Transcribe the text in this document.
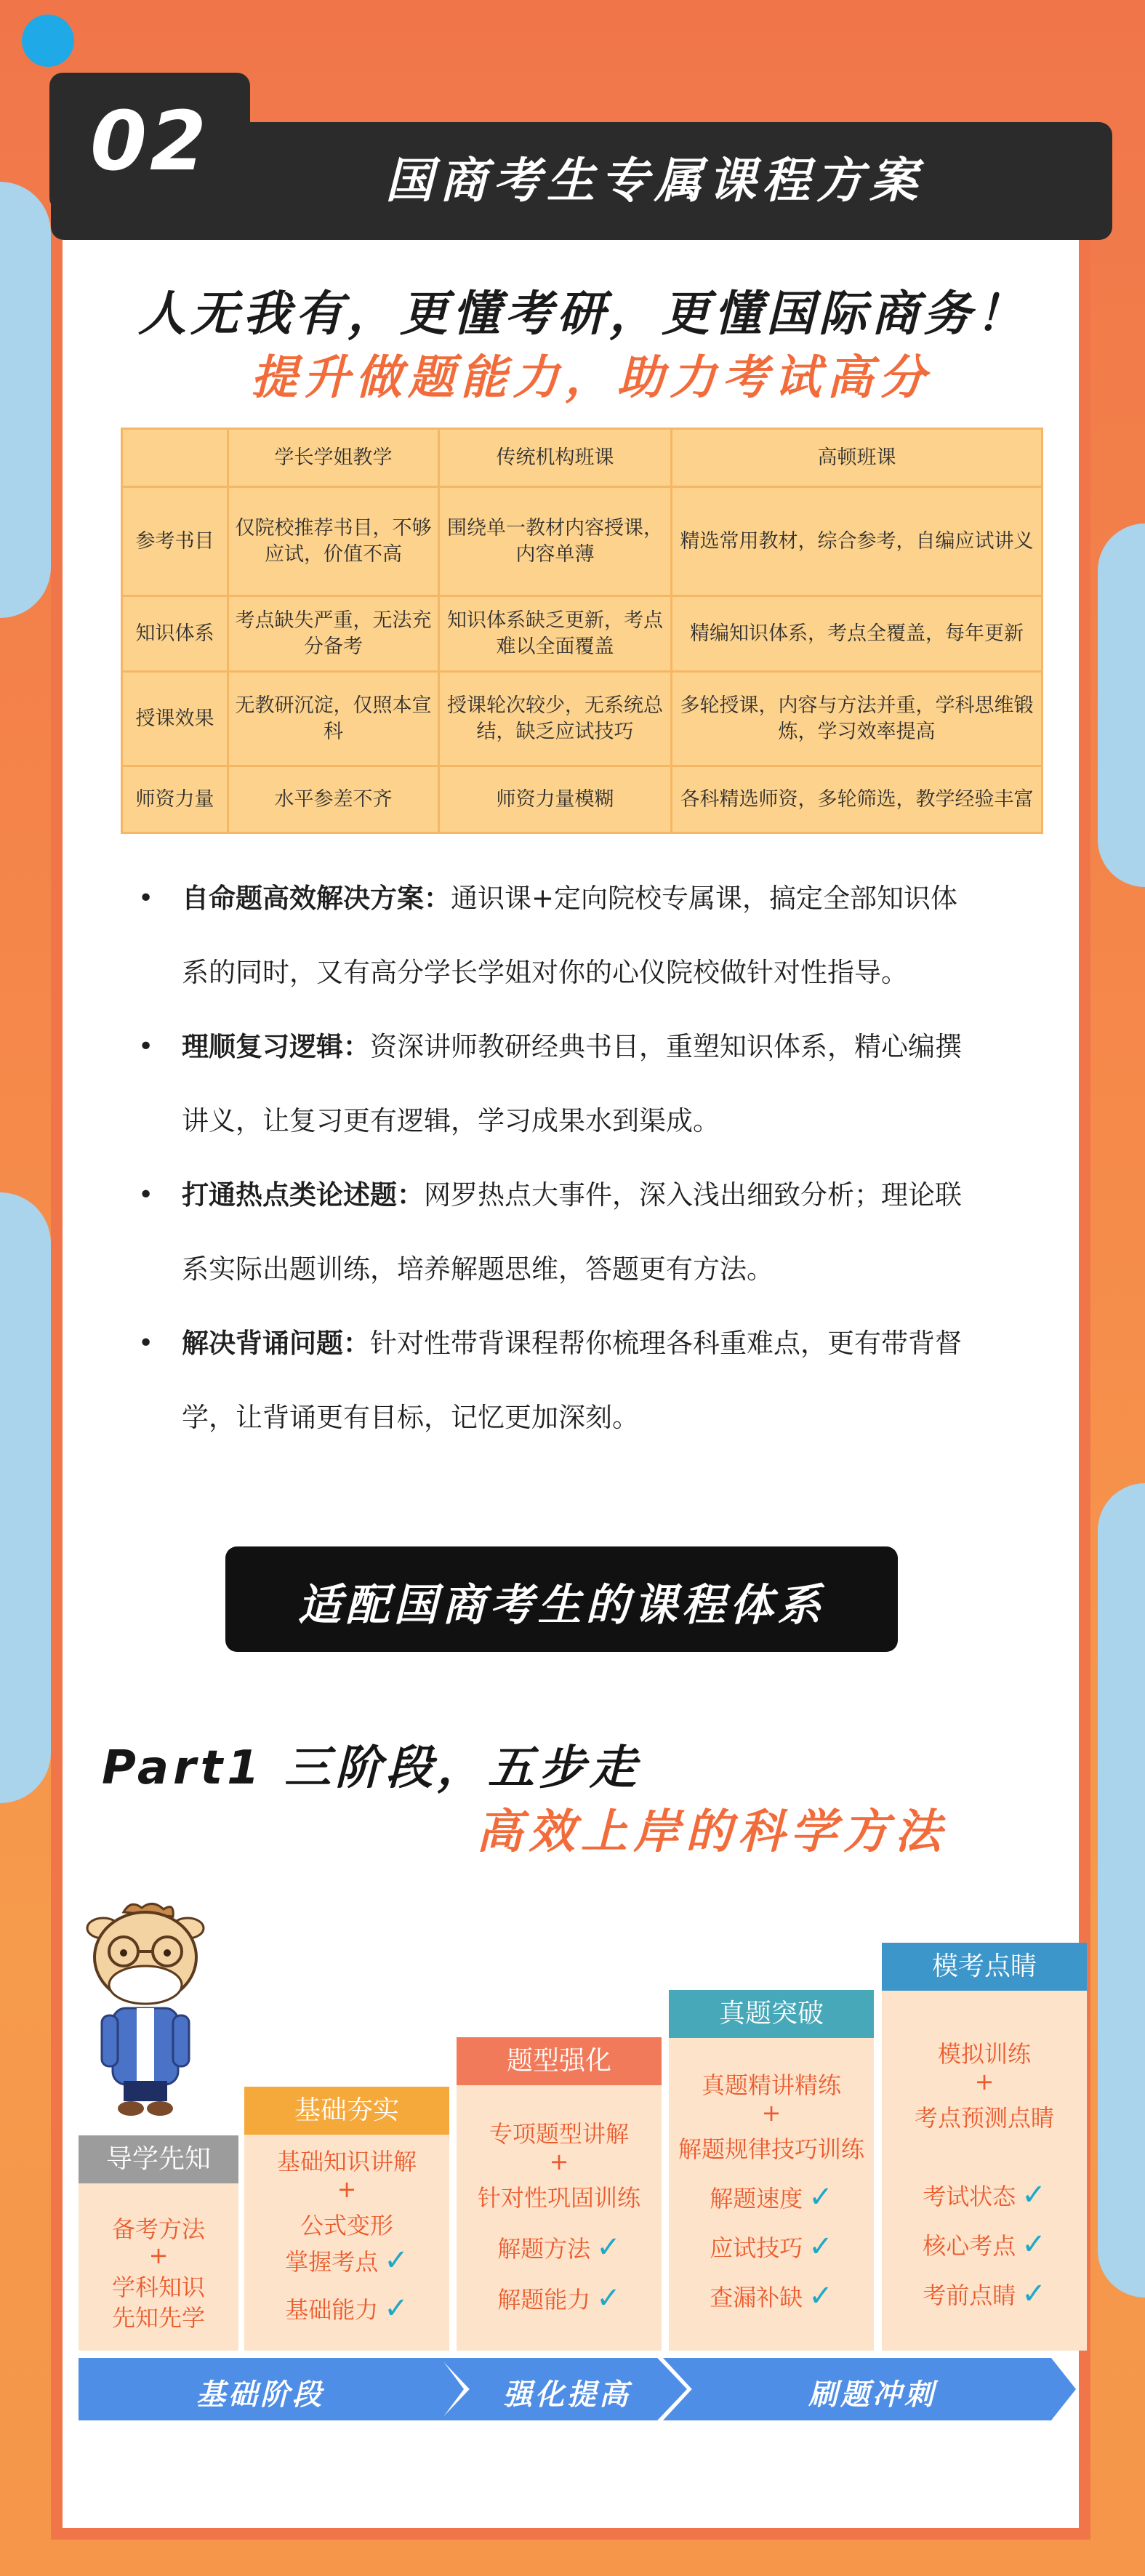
02	国商考生专属课程方案
人无我有，更懂考研，更懂国际商务！
提升做题能力，助力考试高分
	学长学姐教学	传统机构班课	高顿班课
参考书目	仅院校推荐书目，不够应试，价值不高	围绕单一教材内容授课，内容单薄	精选常用教材，综合参考，自编应试讲义
知识体系	考点缺失严重，无法充分备考	知识体系缺乏更新，考点难以全面覆盖	精编知识体系，考点全覆盖，每年更新
授课效果	无教研沉淀，仅照本宣科	授课轮次较少，无系统总结，缺乏应试技巧	多轮授课，内容与方法并重，学科思维锻炼，学习效率提高
师资力量	水平参差不齐	师资力量模糊	各科精选师资，多轮筛选，教学经验丰富
• 自命题高效解决方案：通识课+定向院校专属课，搞定全部知识体
系的同时，又有高分学长学姐对你的心仪院校做针对性指导。
• 理顺复习逻辑：资深讲师教研经典书目，重塑知识体系，精心编撰
讲义，让复习更有逻辑，学习成果水到渠成。
• 打通热点类论述题：网罗热点大事件，深入浅出细致分析；理论联
系实际出题训练，培养解题思维，答题更有方法。
• 解决背诵问题：针对性带背课程帮你梳理各科重难点，更有带背督
学，让背诵更有目标，记忆更加深刻。
适配国商考生的课程体系
Part1 三阶段，五步走
高效上岸的科学方法
导学先知
备考方法
+
学科知识
先知先学
基础夯实
基础知识讲解
+
公式变形
掌握考点 ✓
基础能力 ✓
题型强化
专项题型讲解
+
针对性巩固训练
解题方法 ✓
解题能力 ✓
真题突破
真题精讲精练
+
解题规律技巧训练
解题速度 ✓
应试技巧 ✓
查漏补缺 ✓
模考点睛
模拟训练
+
考点预测点睛
考试状态 ✓
核心考点 ✓
考前点睛 ✓
基础阶段	强化提高	刷题冲刺
